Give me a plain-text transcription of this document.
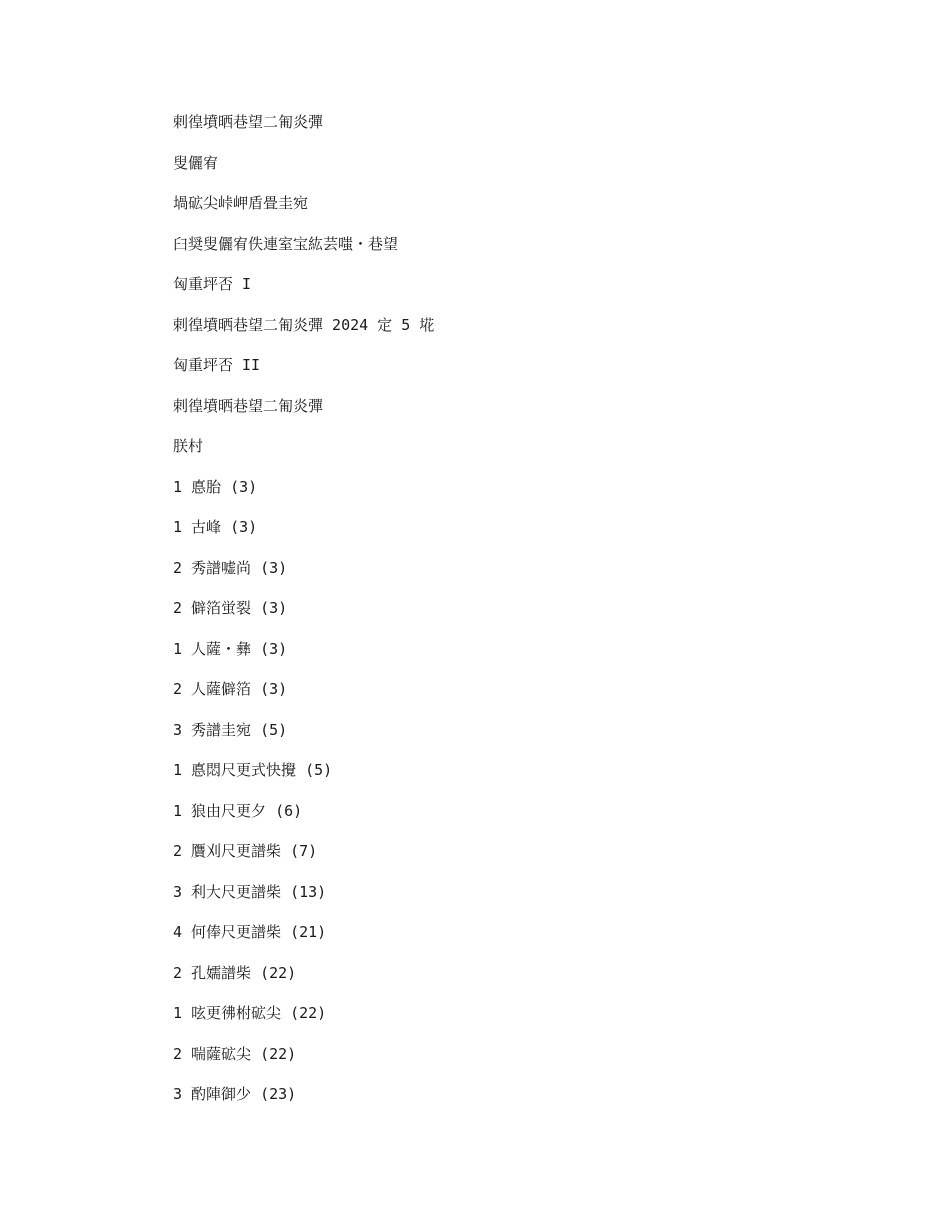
剌徨墳晒巷望二匍炎彈
叟儷宥
堝砿尖峠岬盾畳圭宛
臼奨叟儷宥佚連室宝紘芸嗤・巷望
匈重坪否 I
剌徨墳晒巷望二匍炎彈 2024 定 5 埖
匈重坪否 II
剌徨墳晒巷望二匍炎彈
朕村
1 悳胎 (3)
1 古峰 (3)
2 秀譜嘘尚 (3)
2 僻箔蛍裂 (3)
1 人薩・彝 (3)
2 人薩僻箔 (3)
3 秀譜圭宛 (5)
1 悳悶尺更式快攪 (5)
1 狼由尺更夕 (6)
2 贋刈尺更譜柴 (7)
3 利大尺更譜柴 (13)
4 何俸尺更譜柴 (21)
2 孔嬬譜柴 (22)
1 呟更彿柎砿尖 (22)
2 喘薩砿尖 (22)
3 酌陣御少 (23)
